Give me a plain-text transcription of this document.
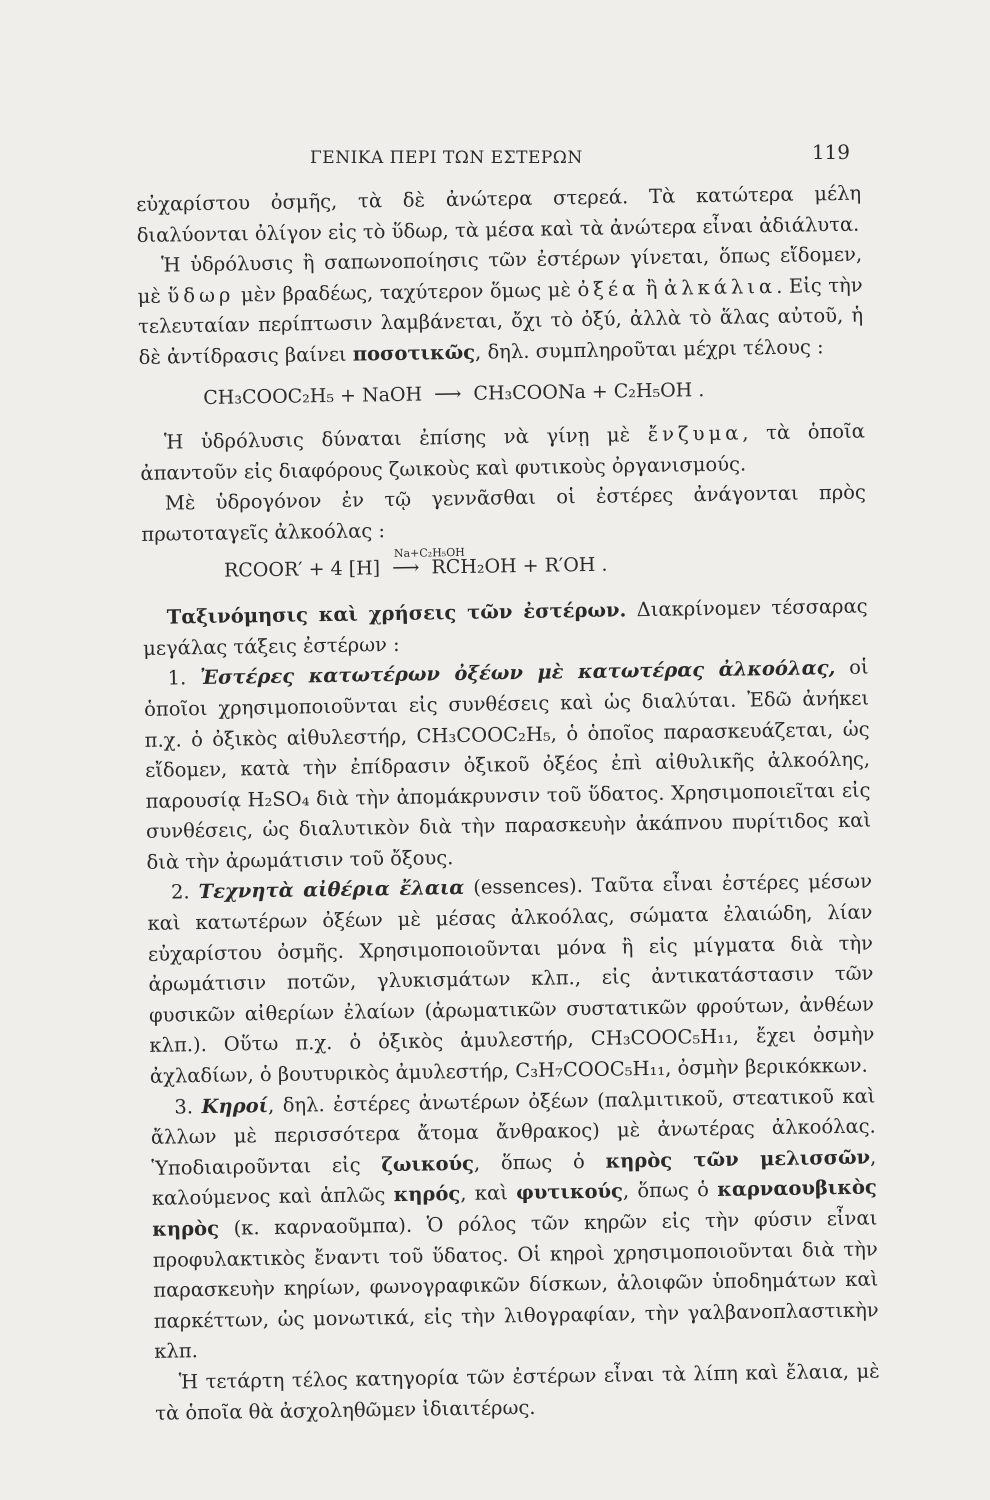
ΓΕΝΙΚΑ ΠΕΡΙ ΤΩΝ ΕΣΤΕΡΩΝ	119

εὐχαρίστου ὀσμῆς, τὰ δὲ ἀνώτερα στερεά. Τὰ κατώτερα μέλη διαλύονται ὀλίγον εἰς τὸ ὕδωρ, τὰ μέσα καὶ τὰ ἀνώτερα εἶναι ἀδιάλυτα.

Ἡ ὑδρόλυσις ἢ σαπωνοποίησις τῶν ἐστέρων γίνεται, ὅπως εἴδομεν, μὲ ὕδωρ μὲν βραδέως, ταχύτερον ὅμως μὲ ὀξέα ἢ ἀλκάλια. Εἰς τὴν τελευταίαν περίπτωσιν λαμβάνεται, ὄχι τὸ ὀξύ, ἀλλὰ τὸ ἅλας αὐτοῦ, ἡ δὲ ἀντίδρασις βαίνει ποσοτικῶς, δηλ. συμπληροῦται μέχρι τέλους :

CH₃COOC₂H₅ + NaOH ⟶ CH₃COONa + C₂H₅OH .

Ἡ ὑδρόλυσις δύναται ἐπίσης νὰ γίνῃ μὲ ἔνζυμα, τὰ ὁποῖα ἀπαντοῦν εἰς διαφόρους ζωικοὺς καὶ φυτικοὺς ὀργανισμούς.

Μὲ ὑδρογόνον ἐν τῷ γεννᾶσθαι οἱ ἐστέρες ἀνάγονται πρὸς πρωτοταγεῖς ἀλκοόλας :

RCOOR′ + 4 [H]
Na+C₂H₅OH
⟶ RCH₂OH + R′OH .

Ταξινόμησις καὶ χρήσεις τῶν ἐστέρων. Διακρίνομεν τέσσαρας μεγάλας τάξεις ἐστέρων :

1. Ἐστέρες κατωτέρων ὀξέων μὲ κατωτέρας ἀλκοόλας, οἱ ὁποῖοι χρησιμοποιοῦνται εἰς συνθέσεις καὶ ὡς διαλύται. Ἐδῶ ἀνήκει π.χ. ὁ ὀξικὸς αἰθυλεστήρ, CH₃COOC₂H₅, ὁ ὁποῖος παρασκευάζεται, ὡς εἴδομεν, κατὰ τὴν ἐπίδρασιν ὀξικοῦ ὀξέος ἐπὶ αἰθυλικῆς ἀλκοόλης, παρουσίᾳ H₂SO₄ διὰ τὴν ἀπομάκρυνσιν τοῦ ὕδατος. Χρησιμοποιεῖται εἰς συνθέσεις, ὡς διαλυτικὸν διὰ τὴν παρασκευὴν ἀκάπνου πυρίτιδος καὶ διὰ τὴν ἀρωμάτισιν τοῦ ὄξους.

2. Τεχνητὰ αἰθέρια ἔλαια (essences). Ταῦτα εἶναι ἐστέρες μέσων καὶ κατωτέρων ὀξέων μὲ μέσας ἀλκοόλας, σώματα ἐλαιώδη, λίαν εὐχαρίστου ὀσμῆς. Χρησιμοποιοῦνται μόνα ἢ εἰς μίγματα διὰ τὴν ἀρωμάτισιν ποτῶν, γλυκισμάτων κλπ., εἰς ἀντικατάστασιν τῶν φυσικῶν αἰθερίων ἐλαίων (ἀρωματικῶν συστατικῶν φρούτων, ἀνθέων κλπ.). Οὕτω π.χ. ὁ ὀξικὸς ἀμυλεστήρ, CH₃COOC₅H₁₁, ἔχει ὀσμὴν ἀχλαδίων, ὁ βουτυρικὸς ἀμυλεστήρ, C₃H₇COOC₅H₁₁, ὀσμὴν βερικόκκων.

3. Κηροί, δηλ. ἐστέρες ἀνωτέρων ὀξέων (παλμιτικοῦ, στεατικοῦ καὶ ἄλλων μὲ περισσότερα ἄτομα ἄνθρακος) μὲ ἀνωτέρας ἀλκοόλας. Ὑποδιαιροῦνται εἰς ζωικούς, ὅπως ὁ κηρὸς τῶν μελισσῶν, καλούμενος καὶ ἁπλῶς κηρός, καὶ φυτικούς, ὅπως ὁ καρναουβικὸς κηρὸς (κ. καρναοῦμπα). Ὁ ρόλος τῶν κηρῶν εἰς τὴν φύσιν εἶναι προφυλακτικὸς ἔναντι τοῦ ὕδατος. Οἱ κηροὶ χρησιμοποιοῦνται διὰ τὴν παρασκευὴν κηρίων, φωνογραφικῶν δίσκων, ἀλοιφῶν ὑποδημάτων καὶ παρκέττων, ὡς μονωτικά, εἰς τὴν λιθογραφίαν, τὴν γαλβανοπλαστικὴν κλπ.

Ἡ τετάρτη τέλος κατηγορία τῶν ἐστέρων εἶναι τὰ λίπη καὶ ἔλαια, μὲ τὰ ὁποῖα θὰ ἀσχοληθῶμεν ἰδιαιτέρως.
